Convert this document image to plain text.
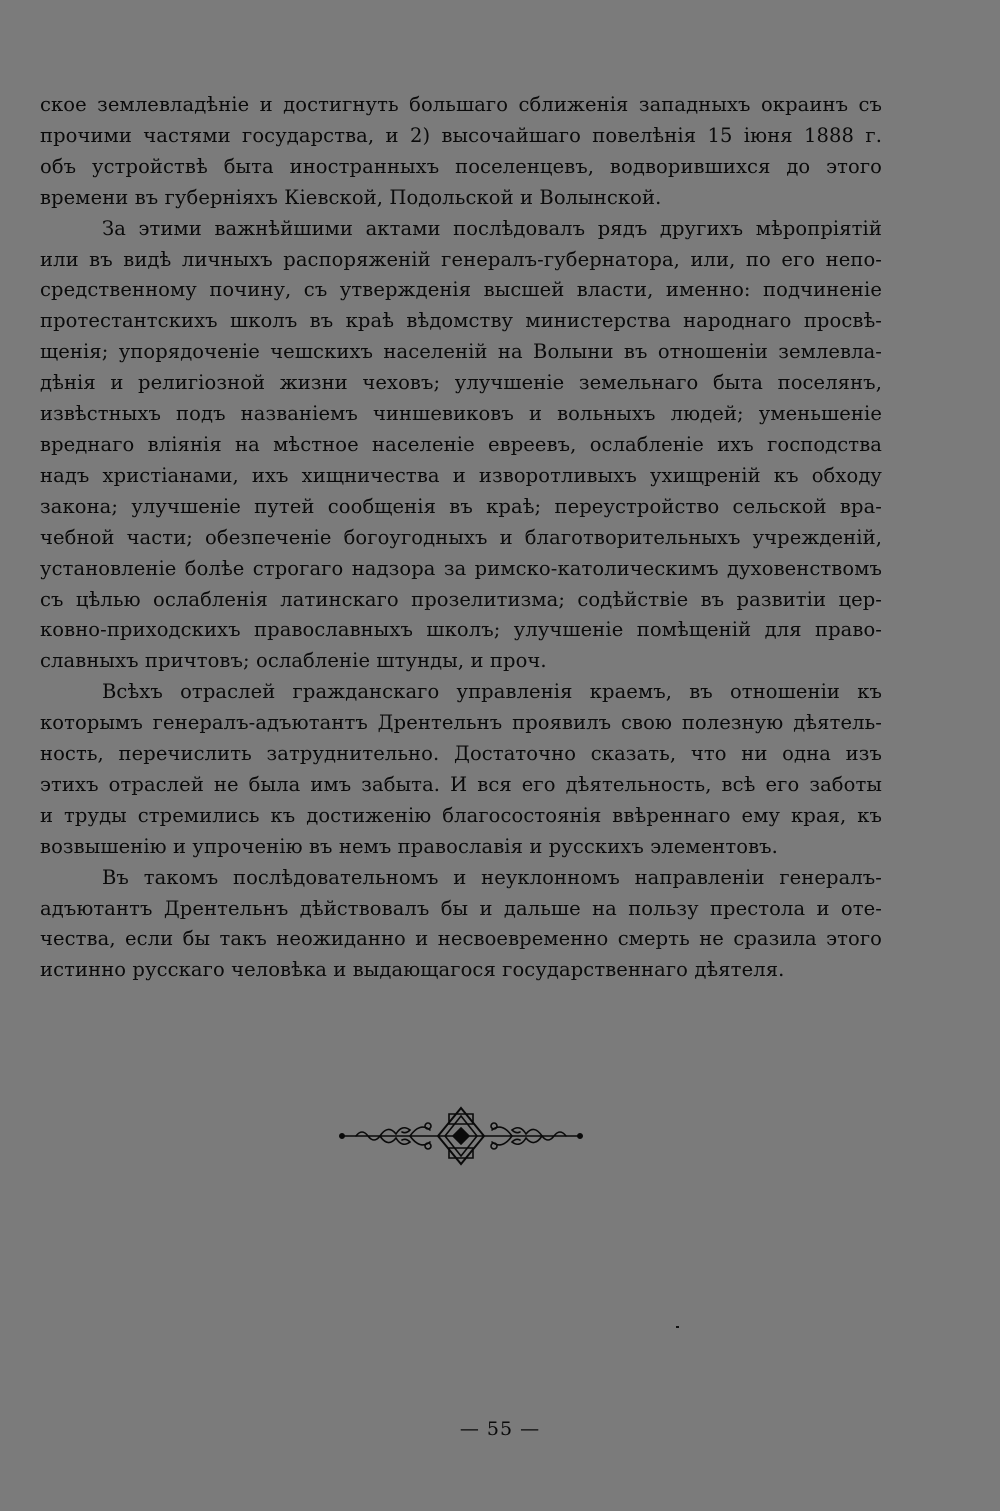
ское землевладѣніе и достигнуть большаго сближенія западныхъ окраинъ съ
прочими частями государства, и 2) высочайшаго повелѣнія 15 іюня 1888 г.
объ устройствѣ быта иностранныхъ поселенцевъ, водворившихся до этого
времени въ губерніяхъ Кіевской, Подольской и Волынской.

За этими важнѣйшими актами послѣдовалъ рядъ другихъ мѣропріятій
или въ видѣ личныхъ распоряженій генералъ-губернатора, или, по его непо-
средственному почину, съ утвержденія высшей власти, именно: подчиненіе
протестантскихъ школъ въ краѣ вѣдомству министерства народнаго просвѣ-
щенія; упорядоченіе чешскихъ населеній на Волыни въ отношеніи землевла-
дѣнія и религіозной жизни чеховъ; улучшеніе земельнаго быта поселянъ,
извѣстныхъ подъ названіемъ чиншевиковъ и вольныхъ людей; уменьшеніе
вреднаго вліянія на мѣстное населеніе евреевъ, ослабленіе ихъ господства
надъ христіанами, ихъ хищничества и изворотливыхъ ухищреній къ обходу
закона; улучшеніе путей сообщенія въ краѣ; переустройство сельской вра-
чебной части; обезпеченіе богоугодныхъ и благотворительныхъ учрежденій,
установленіе болѣе строгаго надзора за римско-католическимъ духовенствомъ
съ цѣлью ослабленія латинскаго прозелитизма; содѣйствіе въ развитіи цер-
ковно-приходскихъ православныхъ школъ; улучшеніе помѣщеній для право-
славныхъ причтовъ; ослабленіе штунды, и проч.

Всѣхъ отраслей гражданскаго управленія краемъ, въ отношеніи къ
которымъ генералъ-адъютантъ Дрентельнъ проявилъ свою полезную дѣятель-
ность, перечислить затруднительно. Достаточно сказать, что ни одна изъ
этихъ отраслей не была имъ забыта. И вся его дѣятельность, всѣ его заботы
и труды стремились къ достиженію благосостоянія ввѣреннаго ему края, къ
возвышенію и упроченію въ немъ православія и русскихъ элементовъ.

Въ такомъ послѣдовательномъ и неуклонномъ направленіи генералъ-
адъютантъ Дрентельнъ дѣйствовалъ бы и дальше на пользу престола и оте-
чества, если бы такъ неожиданно и несвоевременно смерть не сразила этого
истинно русскаго человѣка и выдающагося государственнаго дѣятеля.

— 55 —
